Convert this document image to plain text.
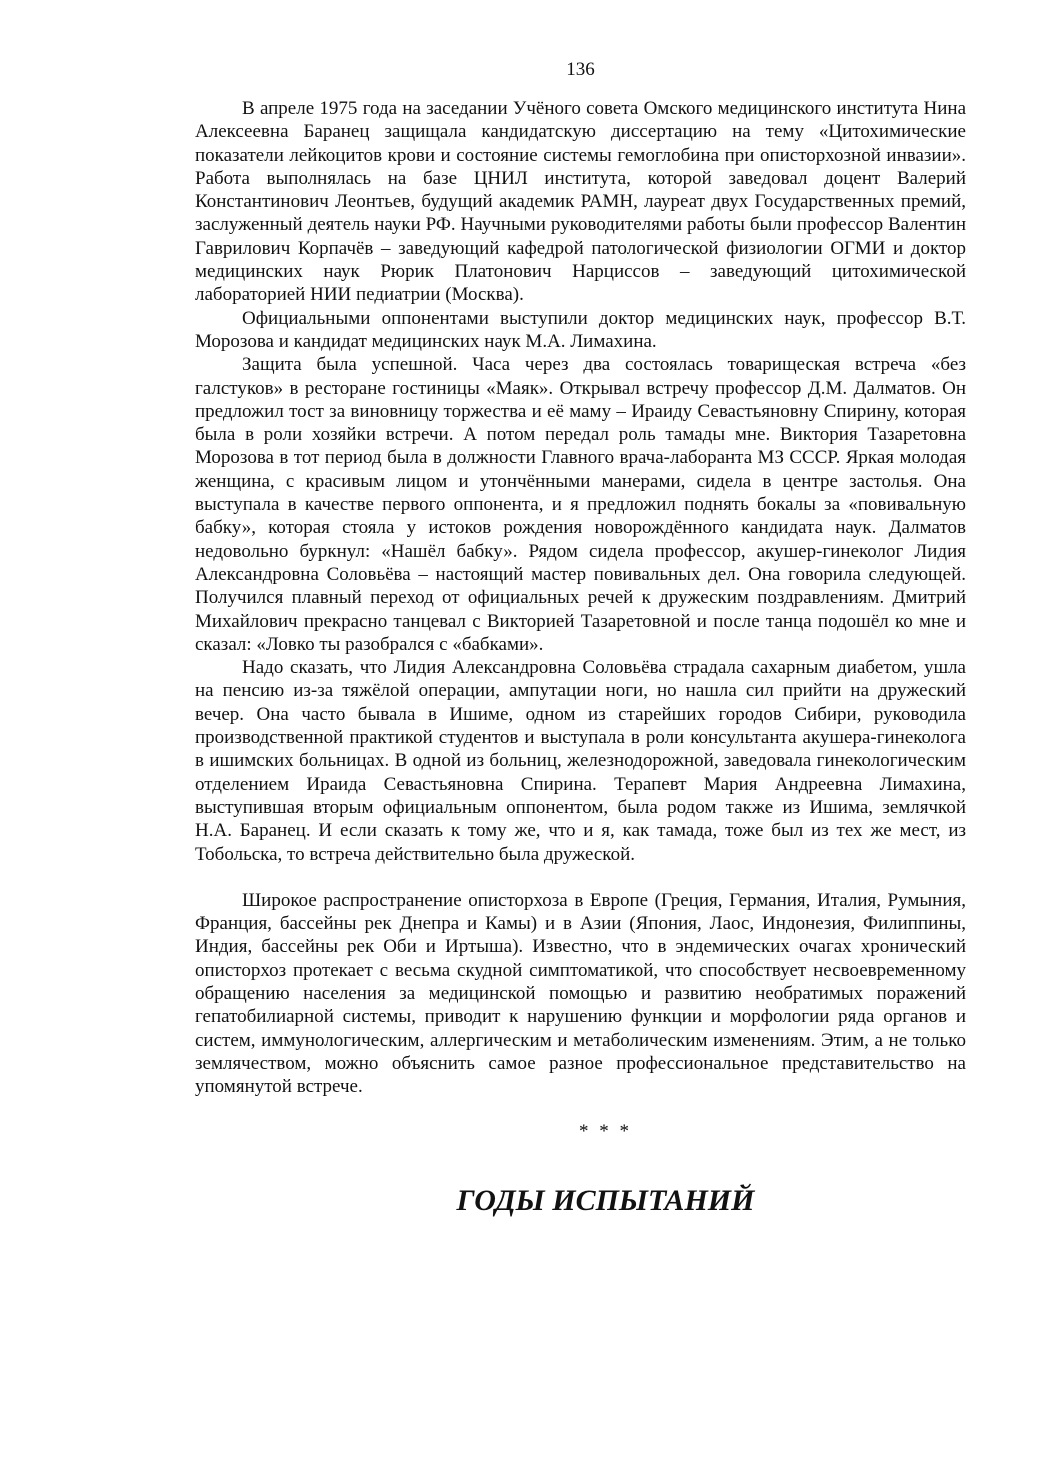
136

В апреле 1975 года на заседании Учёного совета Омского медицинского института Нина Алексеевна Баранец защищала кандидатскую диссертацию на тему «Цитохимические показатели лейкоцитов крови и состояние системы гемоглобина при описторхозной инвазии». Работа выполнялась на базе ЦНИЛ института, которой заведовал доцент Валерий Константинович Леонтьев, будущий академик РАМН, лауреат двух Государственных премий, заслуженный деятель науки РФ. Научными руководителями работы были профессор Валентин Гаврилович Корпачёв – заведующий кафедрой патологической физиологии ОГМИ и доктор медицинских наук Рюрик Платонович Нарциссов – заведующий цитохимической лабораторией НИИ педиатрии (Москва).

Официальными оппонентами выступили доктор медицинских наук, профессор В.Т. Морозова и кандидат медицинских наук М.А. Лимахина.

Защита была успешной. Часа через два состоялась товарищеская встреча «без галстуков» в ресторане гостиницы «Маяк». Открывал встречу профессор Д.М. Далматов. Он предложил тост за виновницу торжества и её маму – Ираиду Севастьяновну Спирину, которая была в роли хозяйки встречи. А потом передал роль тамады мне. Виктория Тазаретовна Морозова в тот период была в должности Главного врача-лаборанта МЗ СССР. Яркая молодая женщина, с красивым лицом и утончёнными манерами, сидела в центре застолья. Она выступала в качестве первого оппонента, и я предложил поднять бокалы за «повивальную бабку», которая стояла у истоков рождения новорождённого кандидата наук. Далматов недовольно буркнул: «Нашёл бабку». Рядом сидела профессор, акушер-гинеколог Лидия Александровна Соловьёва – настоящий мастер повивальных дел. Она говорила следующей. Получился плавный переход от официальных речей к дружеским поздравлениям. Дмитрий Михайлович прекрасно танцевал с Викторией Тазаретовной и после танца подошёл ко мне и сказал: «Ловко ты разобрался с «бабками».

Надо сказать, что Лидия Александровна Соловьёва страдала сахарным диабетом, ушла на пенсию из-за тяжёлой операции, ампутации ноги, но нашла сил прийти на дружеский вечер. Она часто бывала в Ишиме, одном из старейших городов Сибири, руководила производственной практикой студентов и выступала в роли консультанта акушера-гинеколога в ишимских больницах. В одной из больниц, железнодорожной, заведовала гинекологическим отделением Ираида Севастьяновна Спирина. Терапевт Мария Андреевна Лимахина, выступившая вторым официальным оппонентом, была родом также из Ишима, землячкой Н.А. Баранец. И если сказать к тому же, что и я, как тамада, тоже был из тех же мест, из Тобольска, то встреча действительно была дружеской.

Широкое распространение описторхоза в Европе (Греция, Германия, Италия, Румыния, Франция, бассейны рек Днепра и Камы) и в Азии (Япония, Лаос, Индонезия, Филиппины, Индия, бассейны рек Оби и Иртыша). Известно, что в эндемических очагах хронический описторхоз протекает с весьма скудной симптоматикой, что способствует несвоевременному обращению населения за медицинской помощью и развитию необратимых поражений гепатобилиарной системы, приводит к нарушению функции и морфологии ряда органов и систем, иммунологическим, аллергическим и метаболическим изменениям. Этим, а не только землячеством, можно объяснить самое разное профессиональное представительство на упомянутой встрече.

* * *
ГОДЫ ИСПЫТАНИЙ
